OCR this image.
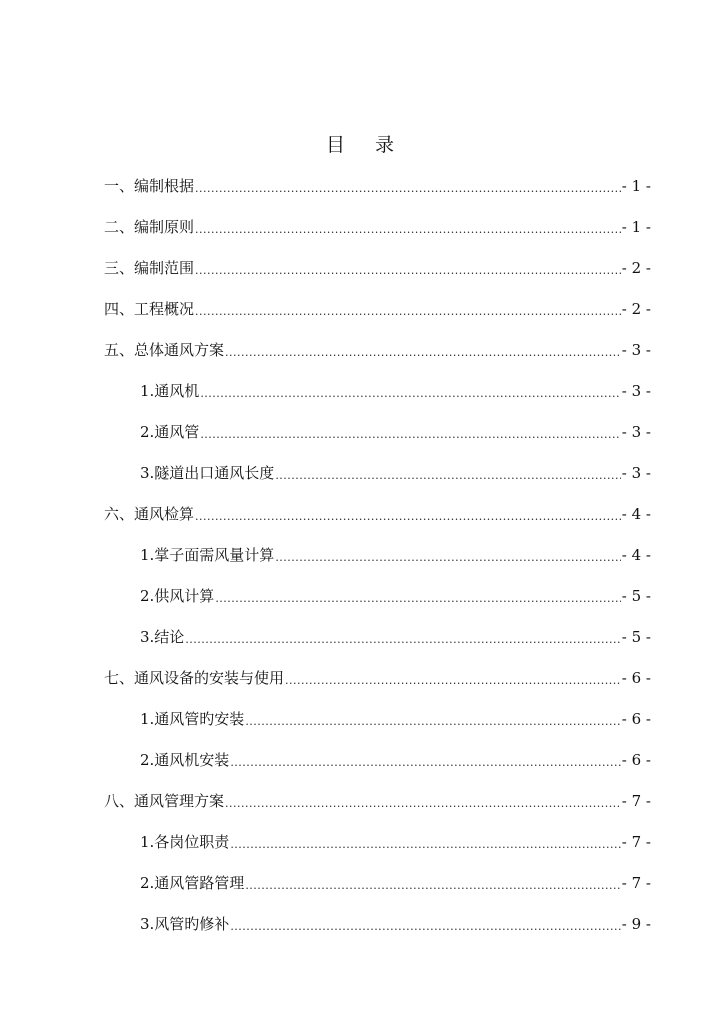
目 录
一、编制根据 .....	- 1 -
二、编制原则 .....	- 1 -
三、编制范围 .....	- 2 -
四、工程概况 .....	- 2 -
五、总体通风方案 .....	- 3 -
1.通风机 .....	- 3 -
2.通风管 .....	- 3 -
3.隧道出口通风长度 .....	- 3 -
六、通风检算 .....	- 4 -
1.掌子面需风量计算 .....	- 4 -
2.供风计算 .....	- 5 -
3.结论 .....	- 5 -
七、通风设备的安装与使用 .....	- 6 -
1.通风管旳安装 .....	- 6 -
2.通风机安装 .....	- 6 -
八、通风管理方案 .....	- 7 -
1.各岗位职责 .....	- 7 -
2.通风管路管理 .....	- 7 -
3.风管旳修补 .....	- 9 -
